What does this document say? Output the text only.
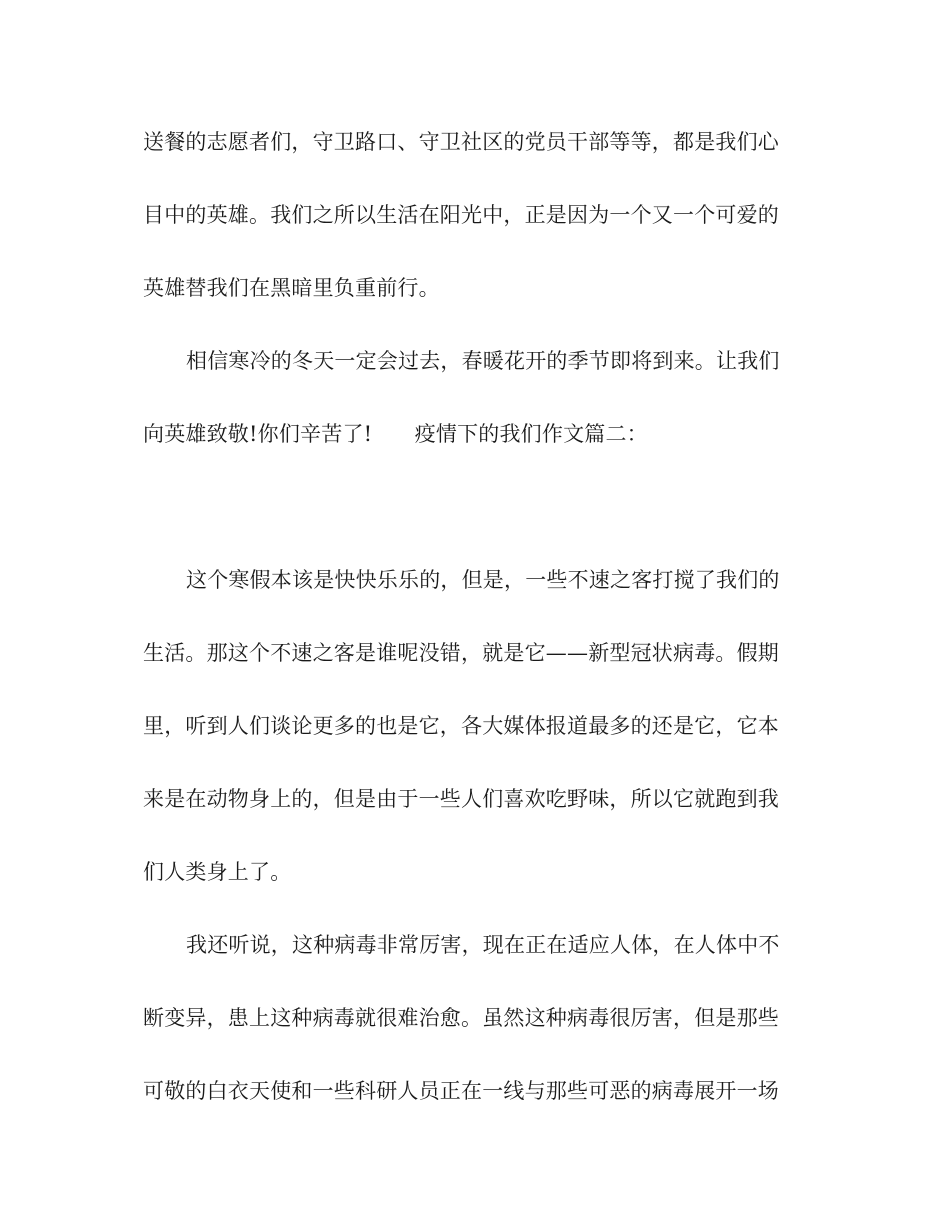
送餐的志愿者们，守卫路口、守卫社区的党员干部等等，都是我们心
目中的英雄。我们之所以生活在阳光中，正是因为一个又一个可爱的
英雄替我们在黑暗里负重前行。
相信寒冷的冬天一定会过去，春暖花开的季节即将到来。让我们
向英雄致敬!你们辛苦了!　　疫情下的我们作文篇二：
这个寒假本该是快快乐乐的，但是，一些不速之客打搅了我们的
生活。那这个不速之客是谁呢没错，就是它——新型冠状病毒。假期
里，听到人们谈论更多的也是它，各大媒体报道最多的还是它，它本
来是在动物身上的，但是由于一些人们喜欢吃野味，所以它就跑到我
们人类身上了。
我还听说，这种病毒非常厉害，现在正在适应人体，在人体中不
断变异，患上这种病毒就很难治愈。虽然这种病毒很厉害，但是那些
可敬的白衣天使和一些科研人员正在一线与那些可恶的病毒展开一场
